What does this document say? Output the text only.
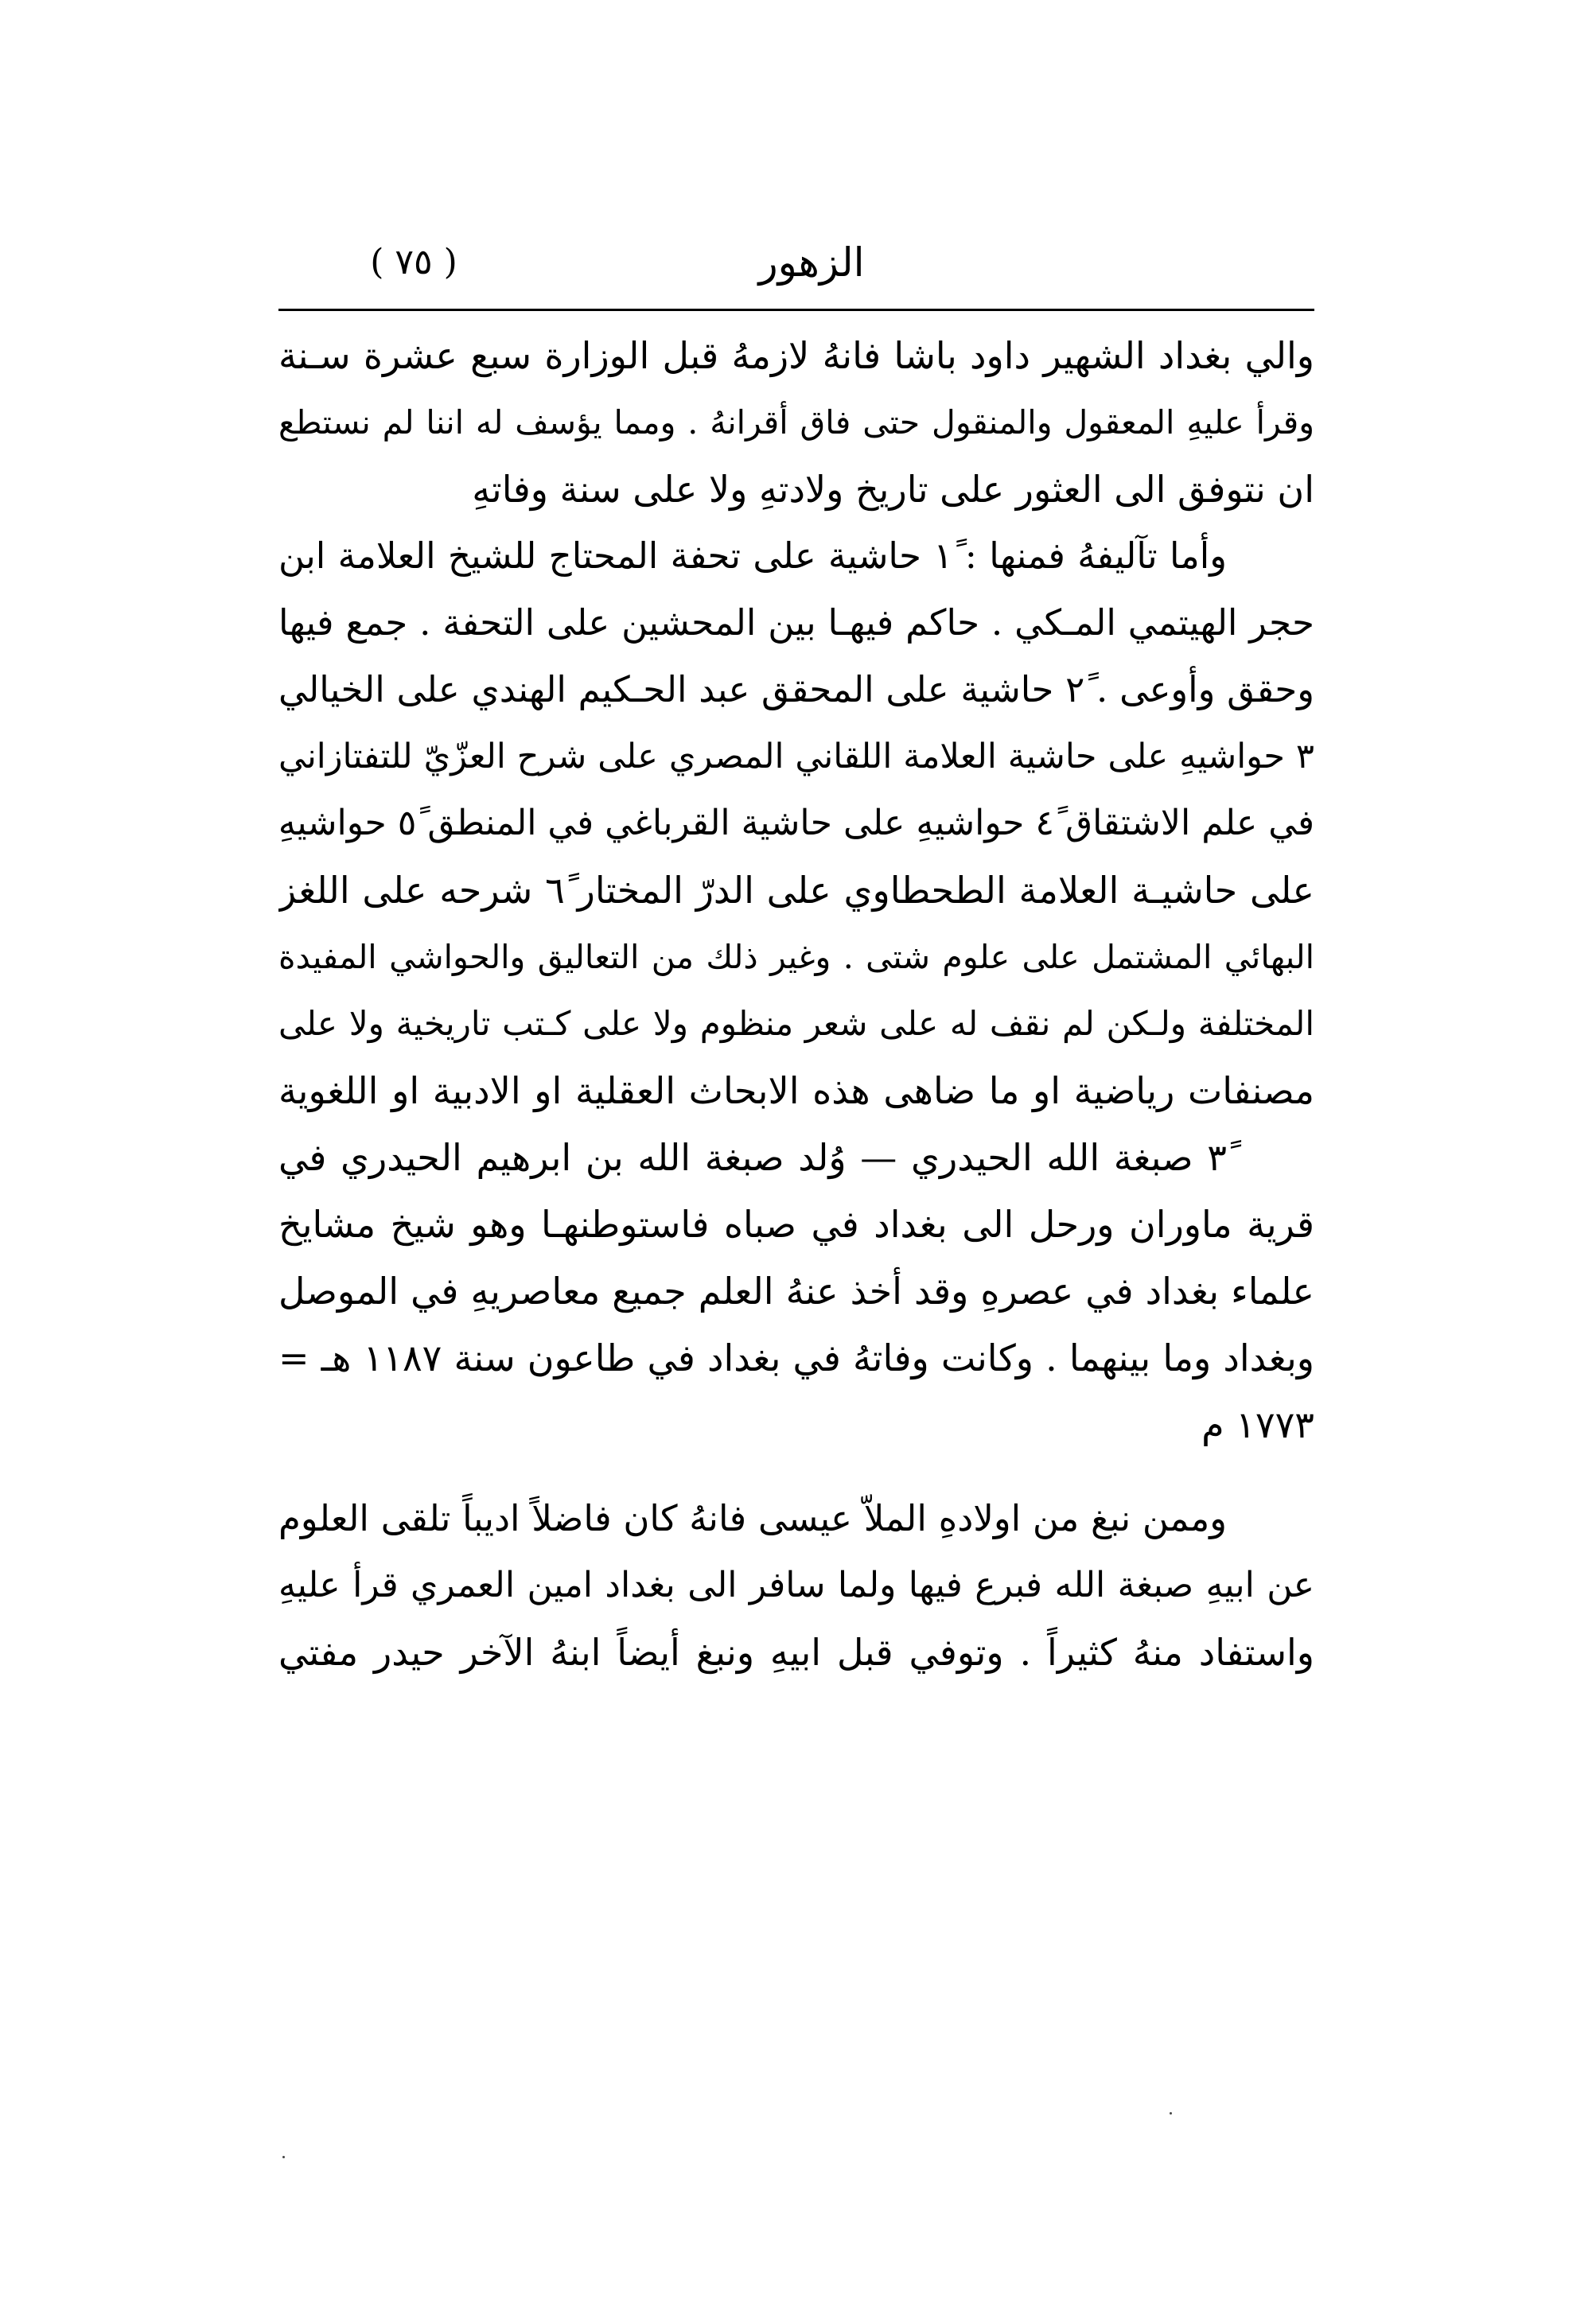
الزهور
( ٧٥ )
والي بغداد الشهير داود باشا فانهُ لازمهُ قبل الوزارة سبع عشرة سـنة
وقرأ عليهِ المعقول والمنقول حتى فاق أقرانهُ . ومما يؤسف له اننا لم نستطع
ان نتوفق الى العثور على تاريخ ولادتهِ ولا على سنة وفاتهِ
وأما تآليفهُ فمنها : ١ً حاشية على تحفة المحتاج للشيخ العلامة ابن
حجر الهيتمي المـكي . حاكم فيهـا بين المحشين على التحفة . جمع فيها
وحقق وأوعى . ٢ً حاشية على المحقق عبد الحـكيم الهندي على الخيالي
٣ً حواشيهِ على حاشية العلامة اللقاني المصري على شرح العزّيّ للتفتازاني
في علم الاشتقاق ٤ً حواشيهِ على حاشية القرباغي في المنطق ٥ً حواشيهِ
على حاشيـة العلامة الطحطاوي على الدرّ المختار ٦ً شرحه على اللغز
البهائي المشتمل على علوم شتى . وغير ذلك من التعاليق والحواشي المفيدة
المختلفة ولـكن لم نقف له على شعر منظوم ولا على كـتب تاريخية ولا على
مصنفات رياضية او ما ضاهى هذه الابحاث العقلية او الادبية او اللغوية
٣ً صبغة الله الحيدري — وُلد صبغة الله بن ابرهيم الحيدري في
قرية ماوران ورحل الى بغداد في صباه فاستوطنهـا وهو شيخ مشايخ
علماء بغداد في عصرهِ وقد أخذ عنهُ العلم جميع معاصريهِ في الموصل
وبغداد وما بينهما . وكانت وفاتهُ في بغداد في طاعون سنة ١١٨٧ هـ =
١٧٧٣ م
وممن نبغ من اولادهِ الملاّ عيسى فانهُ كان فاضلاً اديباً تلقى العلوم
عن ابيهِ صبغة الله فبرع فيها ولما سافر الى بغداد امين العمري قرأ عليهِ
واستفاد منهُ كثيراً . وتوفي قبل ابيهِ ونبغ أيضاً ابنهُ الآخر حيدر مفتي
